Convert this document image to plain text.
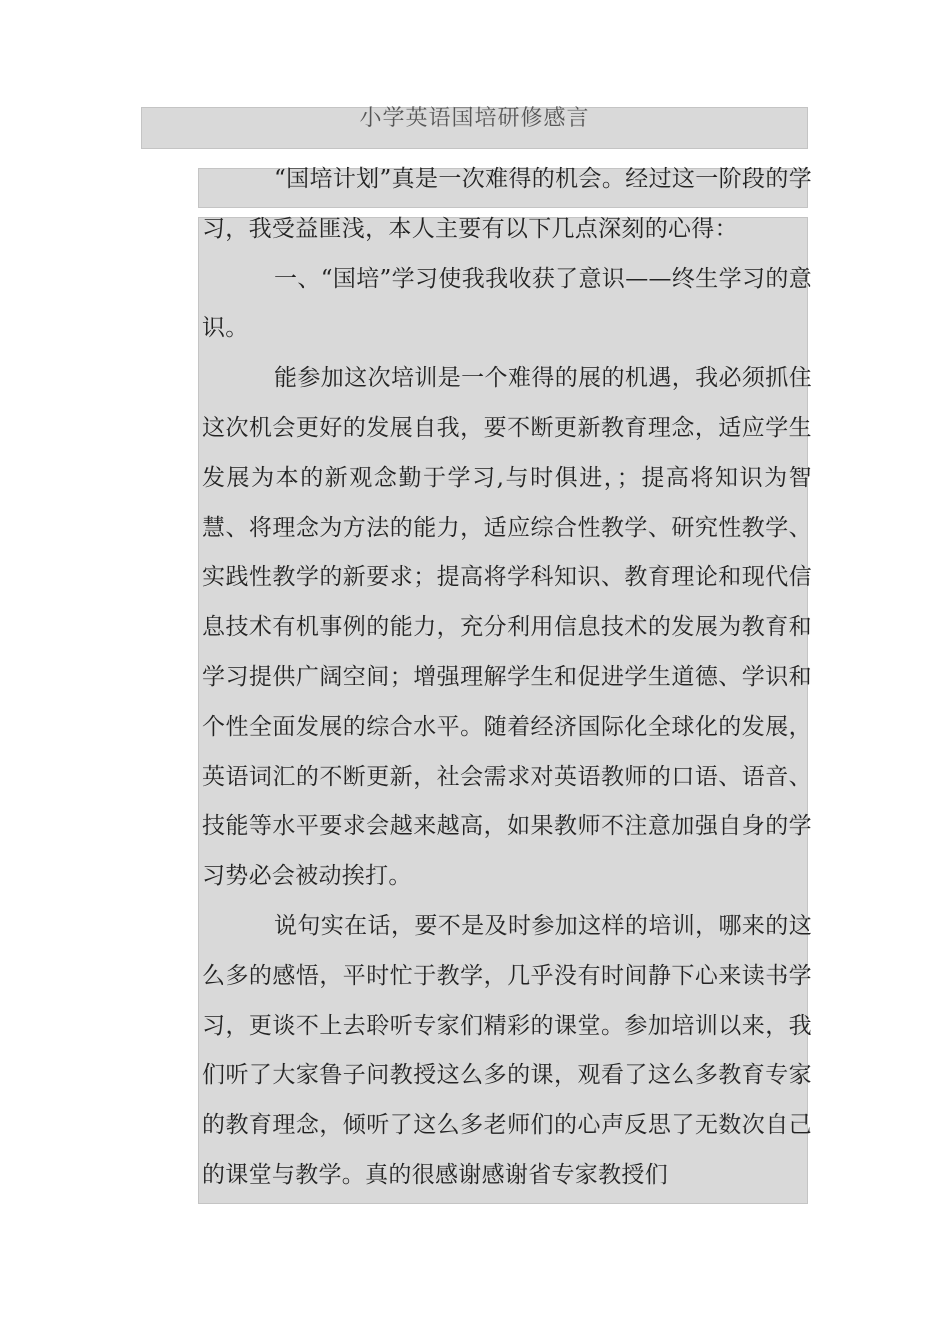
小学英语国培研修感言

“国培计划”真是一次难得的机会。经过这一阶段的学习，我受益匪浅，本人主要有以下几点深刻的心得：

一、“国培”学习使我我收获了意识——终生学习的意识。

能参加这次培训是一个难得的展的机遇，我必须抓住这次机会更好的发展自我，要不断更新教育理念，适应学生发展为本的新观念勤于学习,与时俱进，；提高将知识为智慧、将理念为方法的能力，适应综合性教学、研究性教学、实践性教学的新要求；提高将学科知识、教育理论和现代信息技术有机事例的能力，充分利用信息技术的发展为教育和学习提供广阔空间；增强理解学生和促进学生道德、学识和个性全面发展的综合水平。随着经济国际化全球化的发展，英语词汇的不断更新，社会需求对英语教师的口语、语音、技能等水平要求会越来越高，如果教师不注意加强自身的学习势必会被动挨打。

说句实在话，要不是及时参加这样的培训，哪来的这么多的感悟，平时忙于教学，几乎没有时间静下心来读书学习，更谈不上去聆听专家们精彩的课堂。参加培训以来，我们听了大家鲁子问教授这么多的课，观看了这么多教育专家的教育理念，倾听了这么多老师们的心声反思了无数次自己的课堂与教学。真的很感谢感谢省专家教授们
